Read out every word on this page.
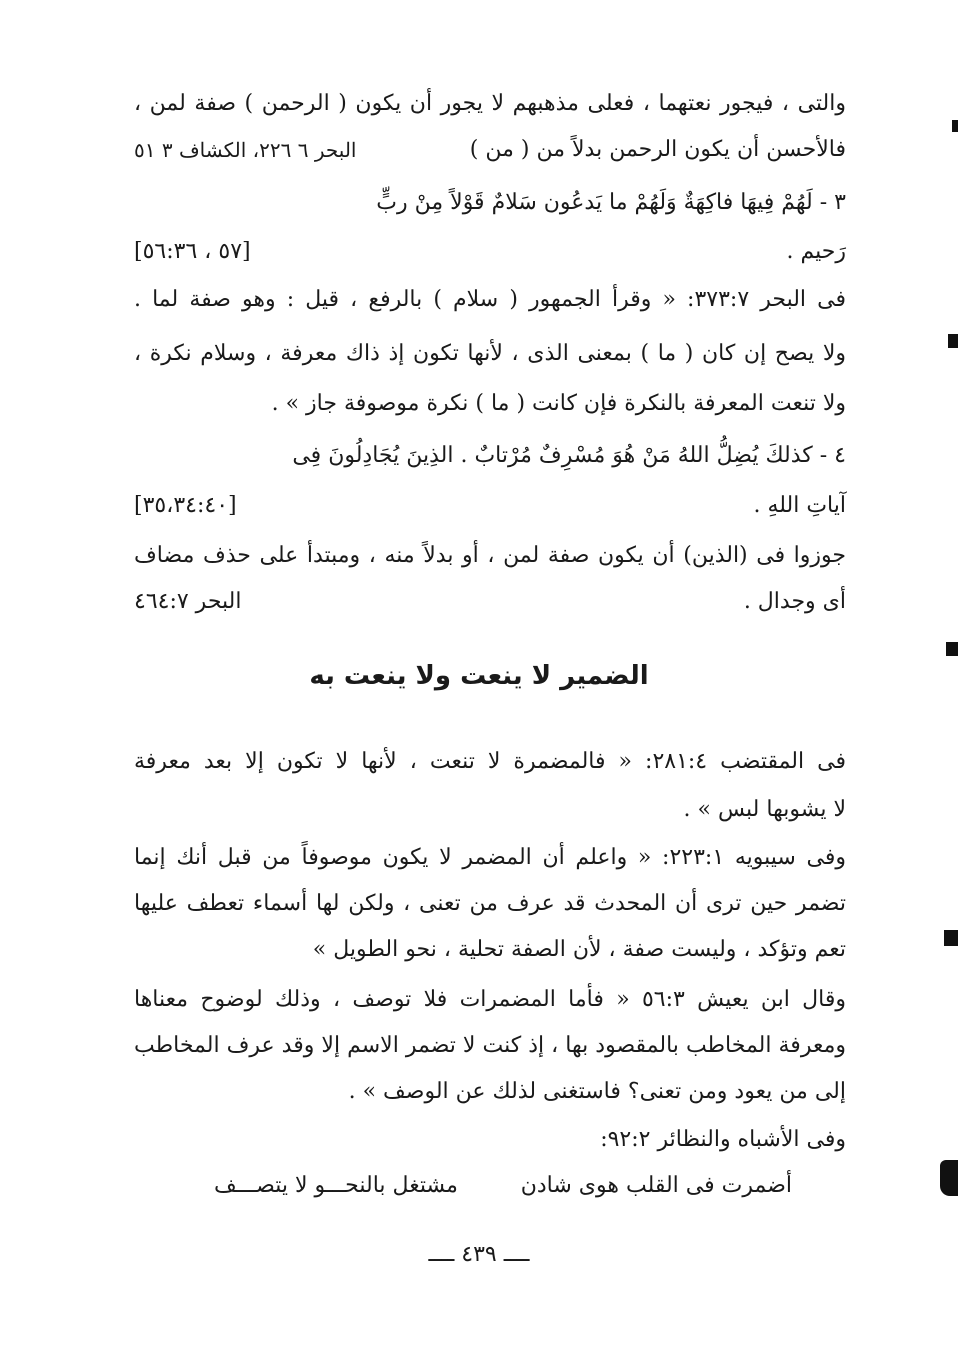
والتى ، فيجور نعتهما ، فعلى مذهبهم لا يجور أن يكون ( الرحمن ) صفة لمن ،
فالأحسن أن يكون الرحمن بدلاً من ( من )
البحر ٦ ٢٢٦، الكشاف ٣ ٥١
٣ - لَهُمْ فِيهَا فاكِهَةٌ وَلَهُمْ ما يَدعُون سَلامٌ قَوْلاً مِنْ ربٍّ
رَحيم .
[٥٧ ، ٥٦:٣٦]
فى البحر ٣٧٣:٧: « وقرأ الجمهور ( سلام ) بالرفع ، قيل : وهو صفة لما .
ولا يصح إن كان ( ما ) بمعنى الذى ، لأنها تكون إذ ذاك معرفة ، وسلام نكرة ،
ولا تنعت المعرفة بالنكرة فإن كانت ( ما ) نكرة موصوفة جاز » .
٤ - كذلكَ يُضِلُّ اللهُ مَنْ هُوَ مُسْرِفٌ مُرْتابٌ . الذِينَ يُجَادِلُونَ فِى
آياتِ اللهِ .
[٣٥،٣٤:٤٠]
جوزوا فى (الذين) أن يكون صفة لمن ، أو بدلاً منه ، ومبتدأ على حذف مضاف
أى وجدال .
البحر ٤٦٤:٧
الضمير لا ينعت ولا ينعت به
فى المقتضب ٢٨١:٤: « فالمضمرة لا تنعت ، لأنها لا تكون إلا بعد معرفة
لا يشوبها لبس » .
وفى سيبويه ٢٢٣:١: « واعلم أن المضمر لا يكون موصوفاً من قبل أنك إنما
تضمر حين ترى أن المحدث قد عرف من تعنى ، ولكن لها أسماء تعطف عليها
تعم وتؤكد ، وليست صفة ، لأن الصفة تحلية ، نحو الطويل »
وقال ابن يعيش ٥٦:٣ « فأما المضمرات فلا توصف ، وذلك لوضوح معناها
ومعرفة المخاطب بالمقصود بها ، إذ كنت لا تضمر الاسم إلا وقد عرف المخاطب
إلى من يعود ومن تعنى؟ فاستغنى لذلك عن الوصف » .
وفى الأشباه والنظائر ٩٢:٢:
أضمرت فى القلب هوى شادن
مشتغل بالنحـــو لا يتصـــف
ــــ ٤٣٩ ــــ
